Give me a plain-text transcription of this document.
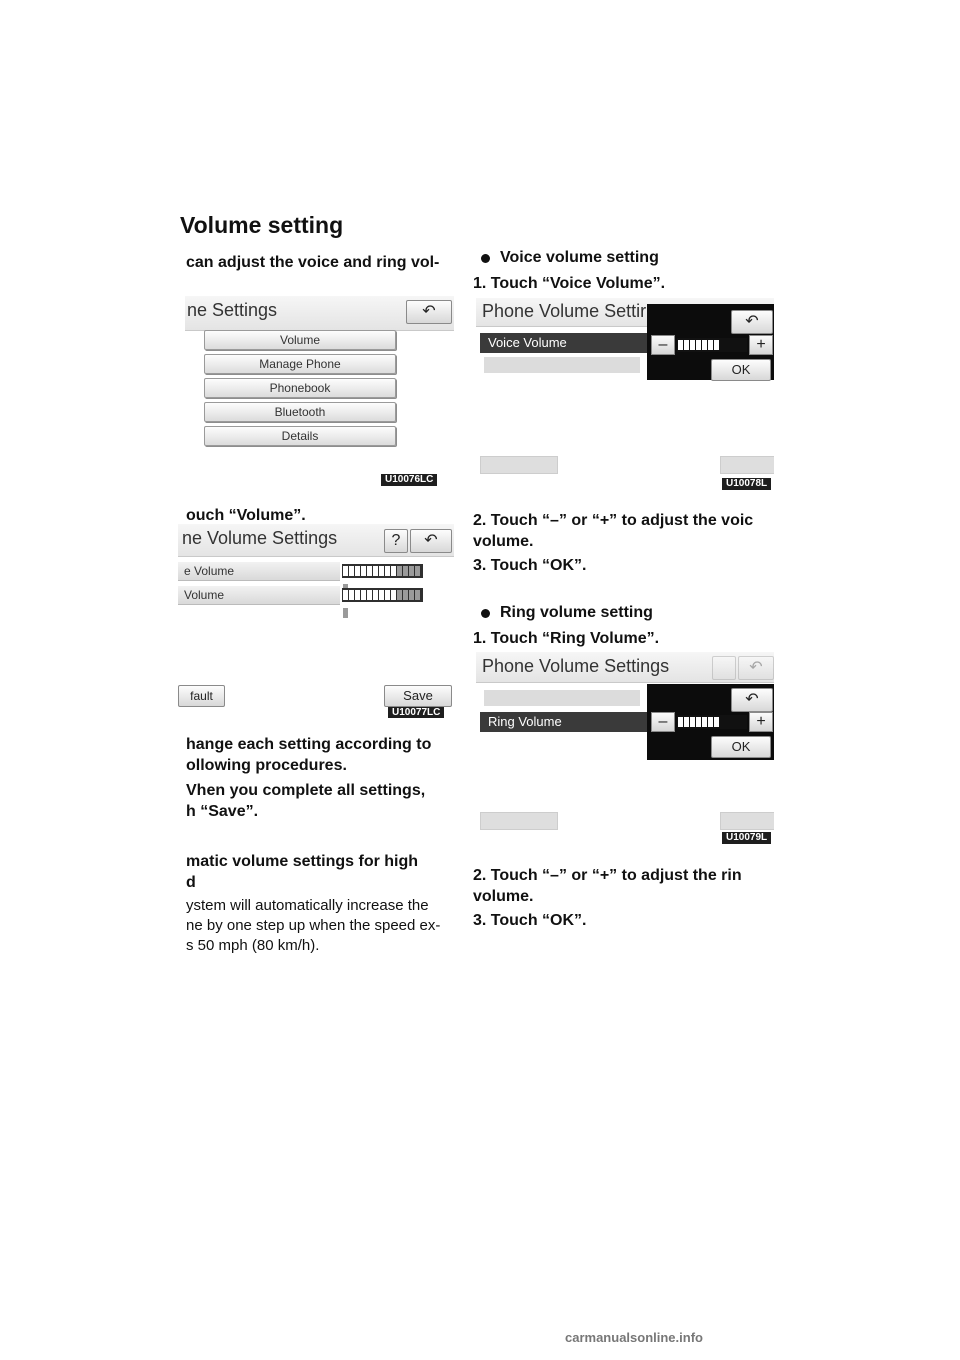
Volume setting

can adjust the voice and ring vol-

ne Settings	↶
Volume
Manage Phone
Phonebook
Bluetooth
Details
U10076LC

ouch “Volume”.

ne Volume Settings	?	↶
e Volume
Volume
fault	Save
U10077LC

hange each setting according to

ollowing procedures.

Vhen you complete all settings,

h “Save”.

matic volume settings for high

d

ystem will automatically increase the

ne by one step up when the speed ex-

s 50 mph (80 km/h).

Voice volume setting

1. Touch “Voice Volume”.

Phone Volume Settir
Voice Volume
↶
–	+
OK
U10078L

2. Touch “–” or “+” to adjust the voic

volume.

3. Touch “OK”.

Ring volume setting

1. Touch “Ring Volume”.

Phone Volume Settings	↶
Ring Volume
↶
–	+
OK
U10079L

2. Touch “–” or “+” to adjust the rin

volume.

3. Touch “OK”.

carmanualsonline.info
